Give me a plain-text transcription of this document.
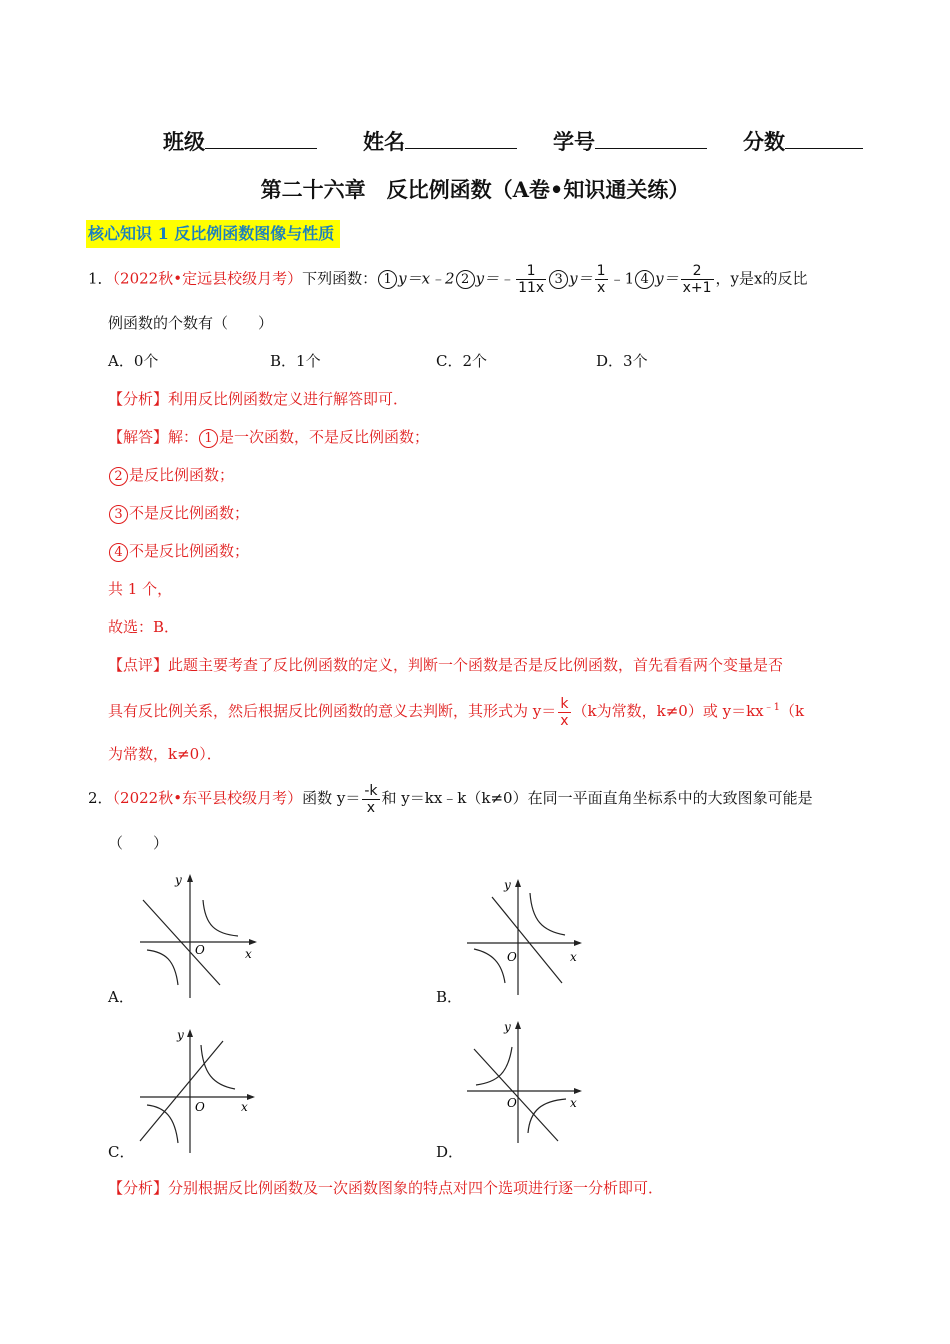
班级	姓名	学号	分数
第二十六章　反比例函数（A卷•知识通关练）
核心知识 1 反比例函数图像与性质
1．（2022秋•定远县校级月考）下列函数： 1 y＝x﹣2 2 y＝﹣ $\frac{1}{11x} 3$ $y= \frac{1}{x}$ ﹣1 4 $y= \frac{2}{x+1}$ ，y是x的反比
例函数的个数有（　　）
A．0个	B．1个	C．2个	D．3个
【分析】利用反比例函数定义进行解答即可．
【解答】解： 1 是一次函数，不是反比例函数；
2 是反比例函数；
3 不是反比例函数；
4 不是反比例函数；
共 1 个，
故选：B．
【点评】此题主要考查了反比例函数的定义，判断一个函数是否是反比例函数，首先看看两个变量是否
具有反比例关系，然后根据反比例函数的意义去判断，其形式为 $y= \frac{k}{x} (k$为常数，k≠0）或 $y=kx^{﹣1}(k$
为常数，k≠0）．
2．（2022秋•东平县校级月考）函数 $y= \frac{-k}{x}$ 和 y＝kx﹣k（k≠0）在同一平面直角坐标系中的大致图象可能是
（　　）
x
y
O
A．
x
y
O
B．
x
y
O
C．
x
y
O
D．
【分析】分别根据反比例函数及一次函数图象的特点对四个选项进行逐一分析即可．
